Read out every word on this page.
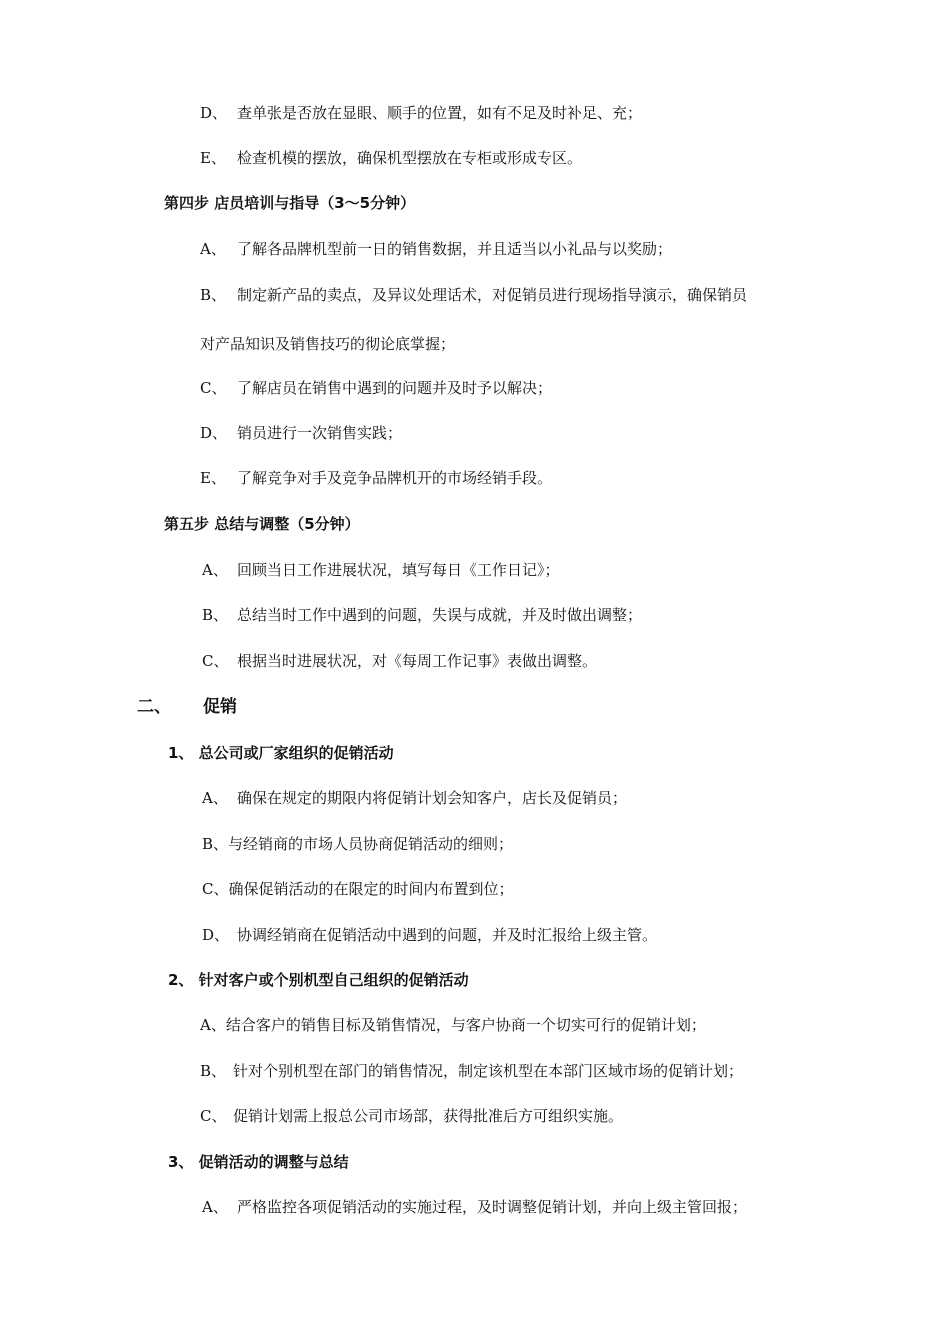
D、 查单张是否放在显眼、顺手的位置，如有不足及时补足、充；
E、 检查机模的摆放，确保机型摆放在专柜或形成专区。
第四步 店员培训与指导（3～5分钟）
A、 了解各品牌机型前一日的销售数据，并且适当以小礼品与以奖励；
B、 制定新产品的卖点，及异议处理话术，对促销员进行现场指导演示，确保销员
对产品知识及销售技巧的彻论底掌握；
C、 了解店员在销售中遇到的问题并及时予以解决；
D、 销员进行一次销售实践；
E、 了解竞争对手及竞争品牌机开的市场经销手段。
第五步 总结与调整（5分钟）
A、 回顾当日工作进展状况，填写每日《工作日记》；
B、 总结当时工作中遇到的问题，失误与成就，并及时做出调整；
C、 根据当时进展状况，对《每周工作记事》表做出调整。
二、 促销
1、 总公司或厂家组织的促销活动
A、 确保在规定的期限内将促销计划会知客户，店长及促销员；
B、与经销商的市场人员协商促销活动的细则；
C、确保促销活动的在限定的时间内布置到位；
D、 协调经销商在促销活动中遇到的问题，并及时汇报给上级主管。
2、 针对客户或个别机型自己组织的促销活动
A、结合客户的销售目标及销售情况，与客户协商一个切实可行的促销计划；
B、 针对个别机型在部门的销售情况，制定该机型在本部门区域市场的促销计划；
C、 促销计划需上报总公司市场部，获得批准后方可组织实施。
3、 促销活动的调整与总结
A、 严格监控各项促销活动的实施过程，及时调整促销计划，并向上级主管回报；
